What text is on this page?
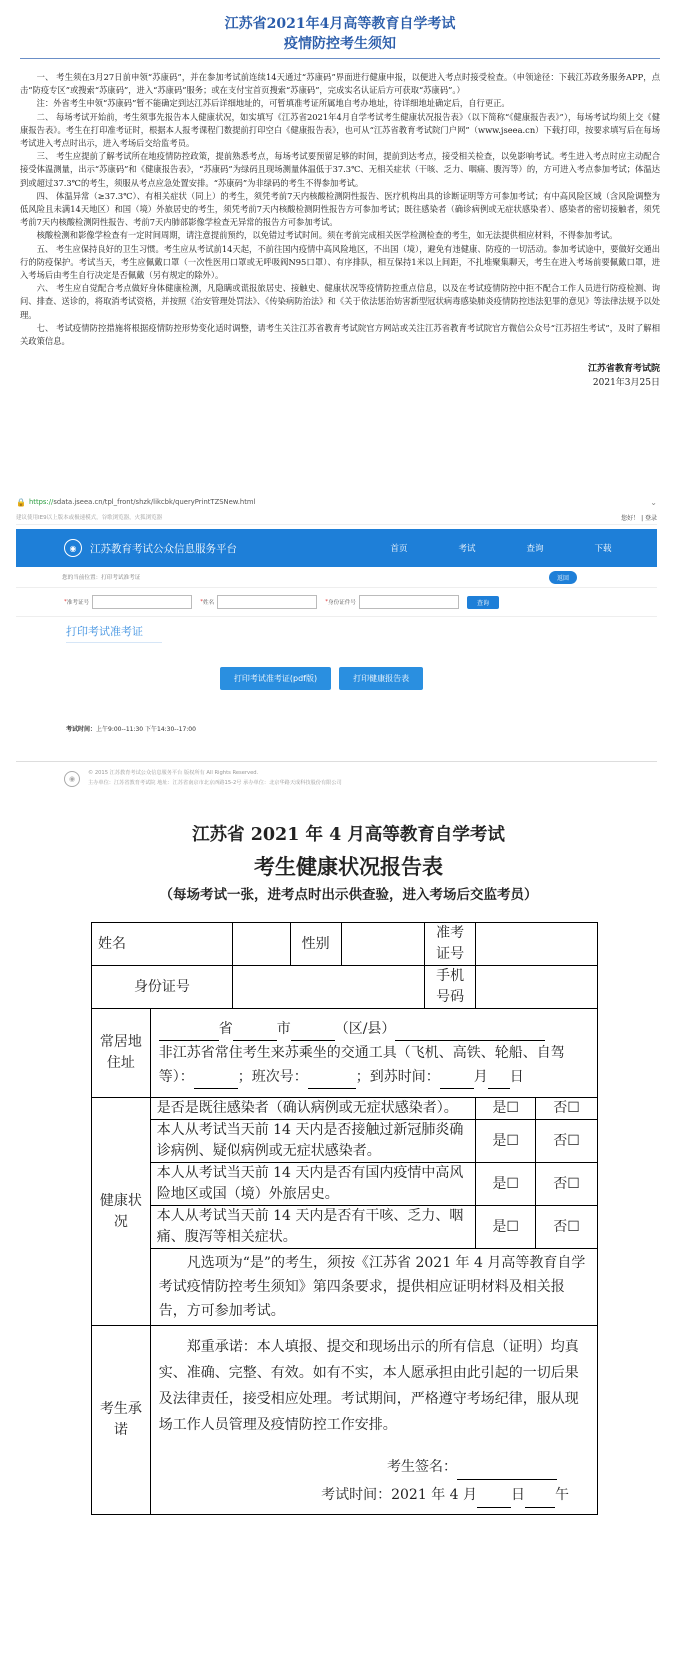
江苏省2021年4月高等教育自学考试
疫情防控考生须知

一、 考生须在3月27日前申领“苏康码”，并在参加考试前连续14天通过“苏康码”界面进行健康申报，以便进入考点时接受检查。（申领途径：下载江苏政务服务APP，点击“防疫专区”或搜索“苏康码”，进入“苏康码”服务；或在支付宝首页搜索“苏康码”，完成实名认证后方可获取“苏康码”。）

注：外省考生申领“苏康码”暂不能确定到达江苏后详细地址的，可暂填准考证所属地自考办地址，待详细地址确定后，自行更正。

二、 每场考试开始前，考生须事先报告本人健康状况，如实填写《江苏省2021年4月自学考试考生健康状况报告表》（以下简称“《健康报告表》”），每场考试均须上交《健康报告表》。考生在打印准考证时，根据本人报考课程门数提前打印空白《健康报告表》，也可从“江苏省教育考试院门户网”（www.jseea.cn）下载打印，按要求填写后在每场考试进入考点时出示，进入考场后交给监考员。

三、 考生应提前了解考试所在地疫情防控政策，提前熟悉考点，每场考试要预留足够的时间，提前到达考点，接受相关检查，以免影响考试。考生进入考点时应主动配合接受体温测量，出示“苏康码”和《健康报告表》，“苏康码”为绿码且现场测量体温低于37.3℃、无相关症状（干咳、乏力、咽痛、腹泻等）的，方可进入考点参加考试；体温达到或超过37.3℃的考生，须服从考点应急处置安排。“苏康码”为非绿码的考生不得参加考试。

四、 体温异常（≥37.3℃）、有相关症状（同上）的考生，须凭考前7天内核酸检测阴性报告、医疗机构出具的诊断证明等方可参加考试；有中高风险区域（含风险调整为低风险且未满14天地区）和国（境）外旅居史的考生，须凭考前7天内核酸检测阴性报告方可参加考试；既往感染者（确诊病例或无症状感染者）、感染者的密切接触者，须凭考前7天内核酸检测阴性报告、考前7天内肺部影像学检查无异常的报告方可参加考试。

核酸检测和影像学检查有一定时间周期，请注意提前预约，以免错过考试时间。须在考前完成相关医学检测检查的考生，如无法提供相应材料，不得参加考试。

五、 考生应保持良好的卫生习惯。考生应从考试前14天起，不前往国内疫情中高风险地区，不出国（境），避免有违健康、防疫的一切活动。参加考试途中，要做好交通出行的防疫保护。考试当天，考生应佩戴口罩（一次性医用口罩或无呼吸阀N95口罩）、有序排队，相互保持1米以上间距，不扎堆聚集聊天，考生在进入考场前要佩戴口罩，进入考场后由考生自行决定是否佩戴（另有规定的除外）。

六、 考生应自觉配合考点做好身体健康检测，凡隐瞒或谎报旅居史、接触史、健康状况等疫情防控重点信息，以及在考试疫情防控中拒不配合工作人员进行防疫检测、询问、排查、送诊的，将取消考试资格，并按照《治安管理处罚法》、《传染病防治法》和《关于依法惩治妨害新型冠状病毒感染肺炎疫情防控违法犯罪的意见》等法律法规予以处理。

七、 考试疫情防控措施将根据疫情防控形势变化适时调整，请考生关注江苏省教育考试院官方网站或关注江苏省教育考试院官方微信公众号“江苏招生考试”，及时了解相关政策信息。

江苏省教育考试院
2021年3月25日
🔒 https:// sdata.jseea.cn/tpl_front/shzk/likcbk/queryPrintTZSNew.html	⌄
建议使用IE9以上版本或极速模式，谷歌浏览器，火狐浏览器	您好！ | 登录
◉	江苏教育考试公众信息服务平台	首页	考试	查询	下载
您的当前位置：打印考试准考证	返回
* 准考证号	* 姓名	* 身份证件号	查询
打印考试准考证
打印考试准考证(pdf版)	打印健康报告表
考试时间：上午9:00--11:30 下午14:30--17:00
◉
© 2015 江苏教育考试公众信息服务平台 版权所有 All Rights Reserved.
主办单位：江苏省教育考试院 地址：江苏省南京市北京西路15-2号 承办单位：北京华路天成科技股份有限公司
江苏省 2021 年 4 月高等教育自学考试
考生健康状况报告表
（每场考试一张，进考点时出示供查验，进入考场后交监考员）
姓名			性别		准考证号		
身份证号					手机号码		
常居地住址	省 市 （区/县）
非江苏省常住考生来苏乘坐的交通工具（飞机、高铁、轮船、自驾等）： ；班次号： ；到苏时间： 月 日						
健康状况	是否是既往感染者（确认病例或无症状感染者）。					是☐	否☐
	本人从考试当天前 14 天内是否接触过新冠肺炎确诊病例、疑似病例或无症状感染者。					是☐	否☐
	本人从考试当天前 14 天内是否有国内疫情中高风险地区或国（境）外旅居史。					是☐	否☐
	本人从考试当天前 14 天内是否有干咳、乏力、咽痛、腹泻等相关症状。					是☐	否☐
	凡选项为“是”的考生，须按《江苏省 2021 年 4 月高等教育自学考试疫情防控考生须知》第四条要求，提供相应证明材料及相关报告，方可参加考试。						
考生承诺	郑重承诺：本人填报、提交和现场出示的所有信息（证明）均真实、准确、完整、有效。如有不实，本人愿承担由此引起的一切后果及法律责任，接受相应处理。考试期间，严格遵守考场纪律，服从现场工作人员管理及疫情防控工作安排。
考生签名：
考试时间：2021 年 4 月 日 午						
